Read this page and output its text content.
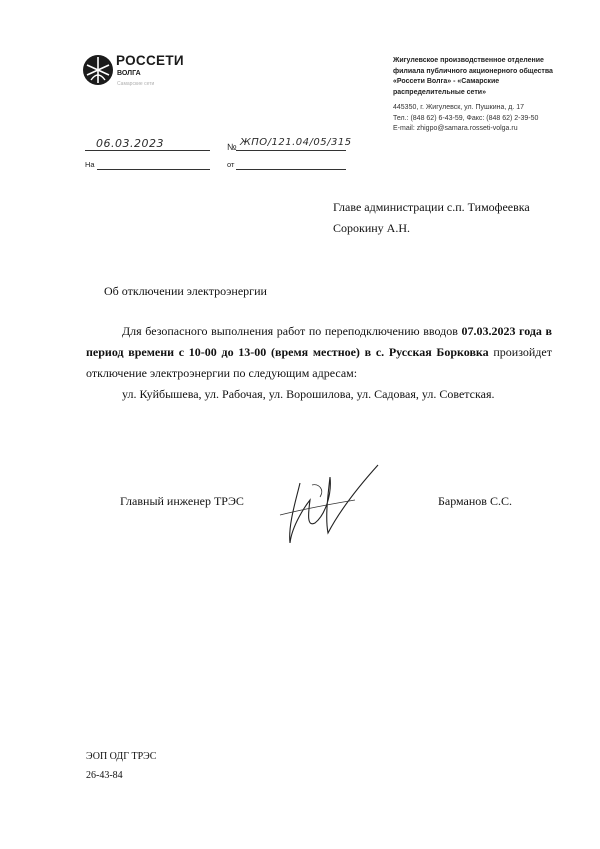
РОССЕТИ
ВОЛГА
Самарские сети
Жигулевское производственное отделение
филиала публичного акционерного общества
«Россети Волга» - «Самарские
распределительные сети»
445350, г. Жигулевск, ул. Пушкина, д. 17
Тел.: (848 62) 6-43-59, Факс: (848 62) 2-39-50
E-mail: zhigpo@samara.rosseti-volga.ru
06.03.2023	№ ЖПО/121.04/05/315
На	от
Главе администрации с.п. Тимофеевка
Сорокину А.Н.
Об отключении электроэнергии
Для безопасного выполнения работ по переподключению вводов 07.03.2023 года в период времени с 10-00 до 13-00 (время местное) в с. Русская Борковка произойдет отключение электроэнергии по следующим адресам:
ул. Куйбышева, ул. Рабочая, ул. Ворошилова, ул. Садовая, ул. Советская.
Главный инженер ТРЭС	Барманов С.С.
ЭОП ОДГ ТРЭС
26-43-84
